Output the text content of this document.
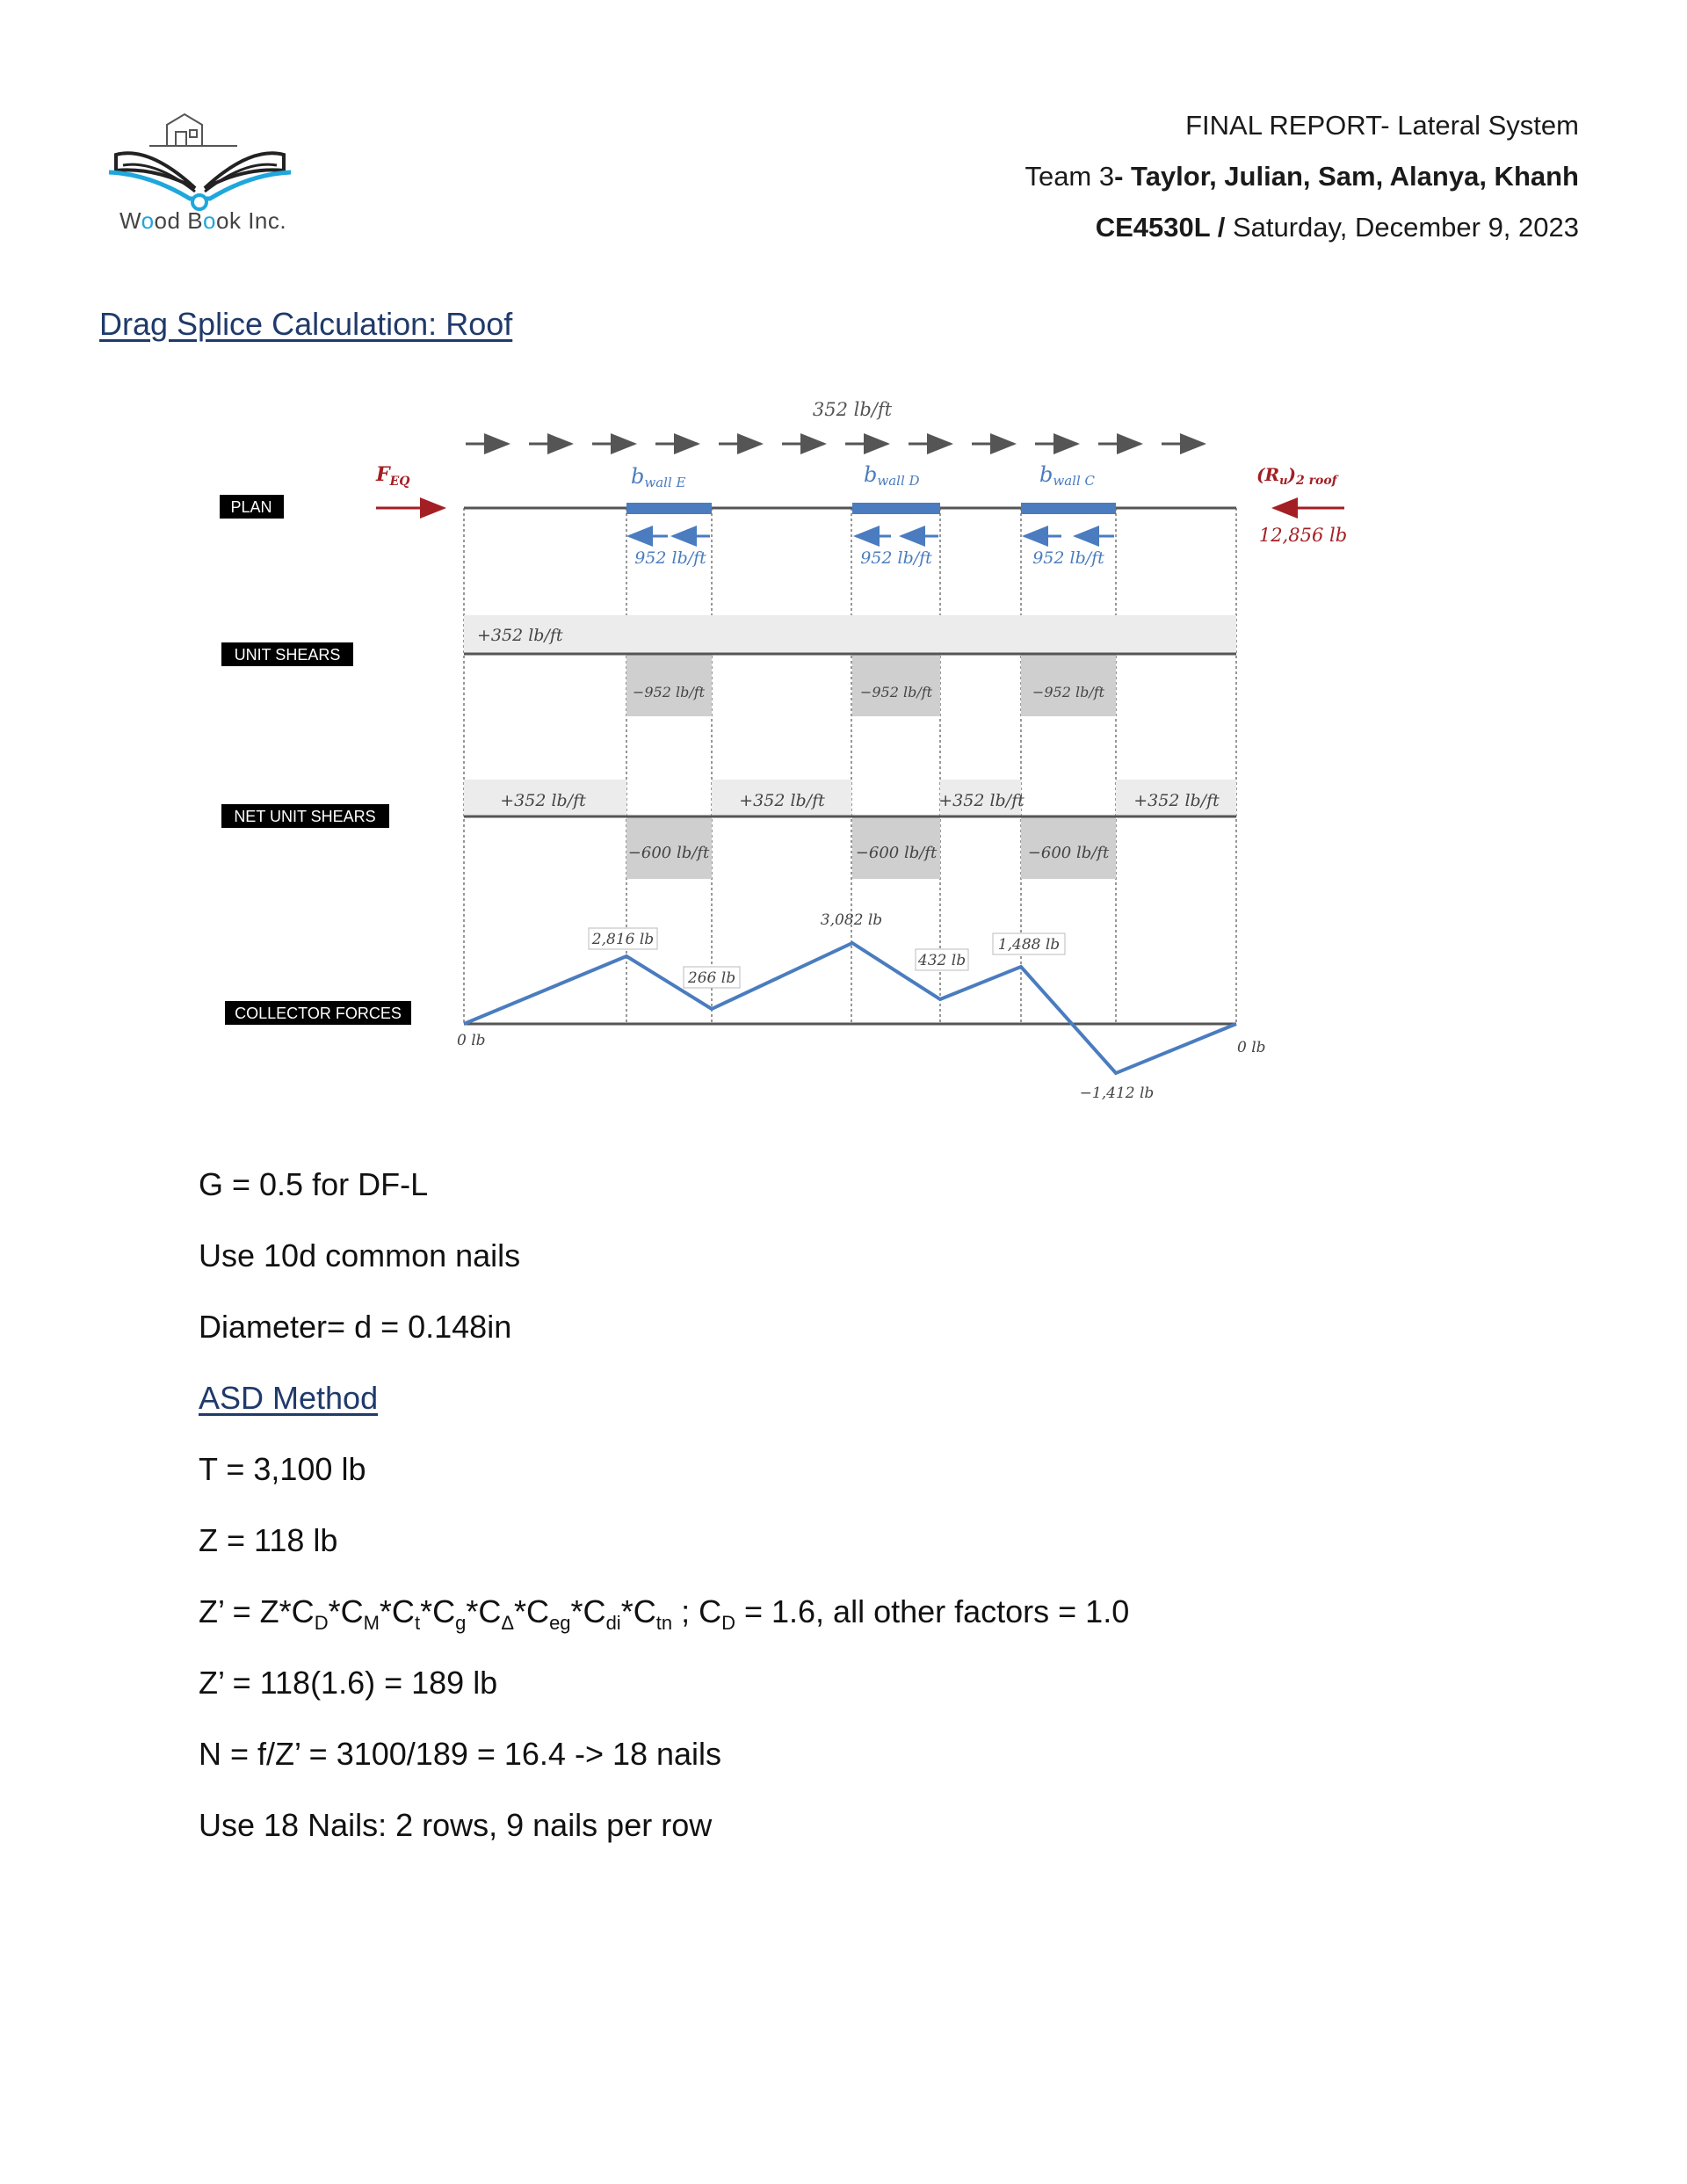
Wood Book Inc.
FINAL REPORT- Lateral System
Team 3- Taylor, Julian, Sam, Alanya, Khanh
CE4530L / Saturday, December 9, 2023
Drag Splice Calculation: Roof
352 lb/ft
PLAN
UNIT SHEARS
NET UNIT SHEARS
COLLECTOR FORCES
$F_{EQ}$	$(R_u)_{2 roof}$
12,856 lb
bwall E
952 lb/ft
bwall D
952 lb/ft
bwall C
952 lb/ft
+352 lb/ft
−952 lb/ft	−952 lb/ft	−952 lb/ft
+352 lb/ft	+352 lb/ft	+352 lb/ft	+352 lb/ft
−600 lb/ft	−600 lb/ft	−600 lb/ft
0 lb	0 lb
2,816 lb
266 lb
3,082 lb
432 lb
1,488 lb
−1,412 lb
G = 0.5 for DF-L
Use 10d common nails
Diameter= d = 0.148in
ASD Method
T = 3,100 lb
Z = 118 lb
Z’ = $Z*C_D*C_M*C_t*C_g*C_\Delta*C_{eg}*C_{di}*C_{tn}$ ; $C_D = 1.6$, all other factors = 1.0
Z’ = 118(1.6) = 189 lb
N = f/Z’ = 3100/189 = 16.4 -> 18 nails
Use 18 Nails: 2 rows, 9 nails per row
